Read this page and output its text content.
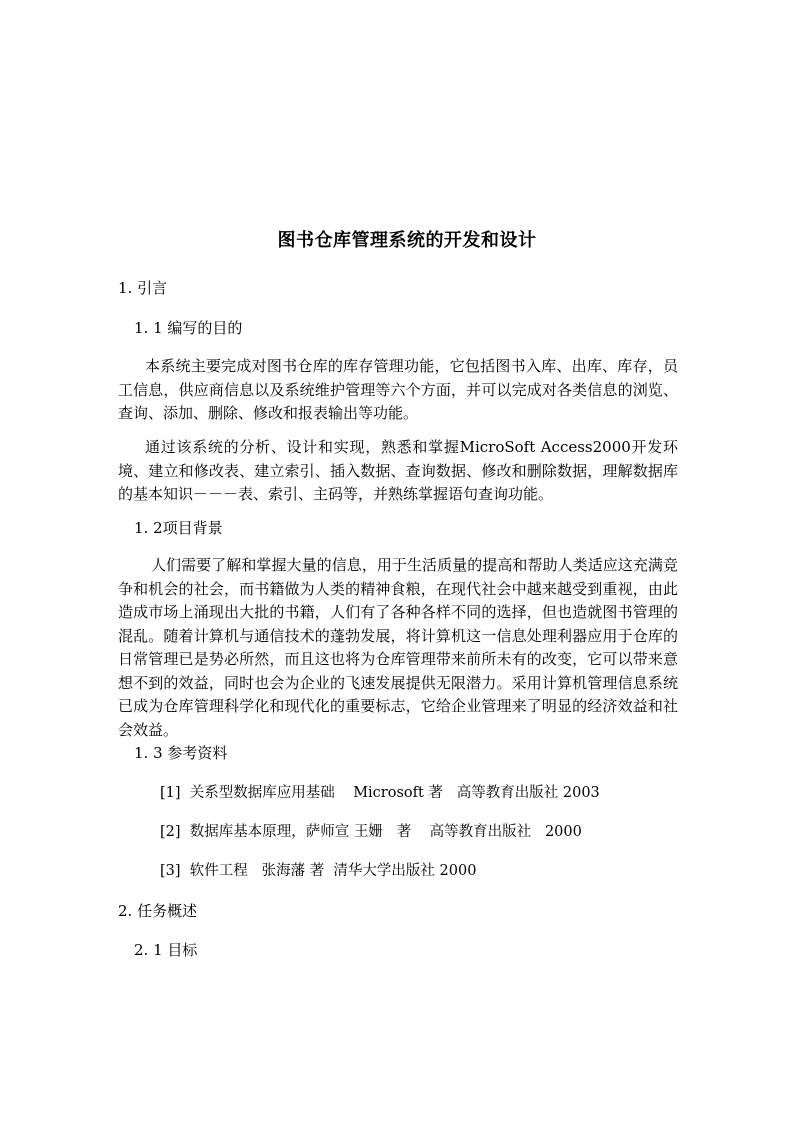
图书仓库管理系统的开发和设计
1. 引言
1. 1 编写的目的
本系统主要完成对图书仓库的库存管理功能，它包括图书入库、出库、库存，员工信息，供应商信息以及系统维护管理等六个方面，并可以完成对各类信息的浏览、查询、添加、删除、修改和报表输出等功能。
通过该系统的分析、设计和实现，熟悉和掌握MicroSoft Access2000开发环境、建立和修改表、建立索引、插入数据、查询数据、修改和删除数据，理解数据库的基本知识－－－表、索引、主码等，并熟练掌握语句查询功能。
1. 2项目背景
人们需要了解和掌握大量的信息，用于生活质量的提高和帮助人类适应这充满竞争和机会的社会，而书籍做为人类的精神食粮，在现代社会中越来越受到重视，由此造成市场上涌现出大批的书籍，人们有了各种各样不同的选择，但也造就图书管理的混乱。随着计算机与通信技术的蓬勃发展，将计算机这一信息处理利器应用于仓库的日常管理已是势必所然，而且这也将为仓库管理带来前所未有的改变，它可以带来意想不到的效益，同时也会为企业的飞速发展提供无限潜力。采用计算机管理信息系统已成为仓库管理科学化和现代化的重要标志，它给企业管理来了明显的经济效益和社会效益。
1. 3 参考资料
[1]  关系型数据库应用基础    Microsoft 著   高等教育出版社 2003
[2]  数据库基本原理，萨师宣 王姗   著    高等教育出版社   2000
[3]  软件工程   张海藩 著  清华大学出版社 2000
2. 任务概述
2. 1 目标
